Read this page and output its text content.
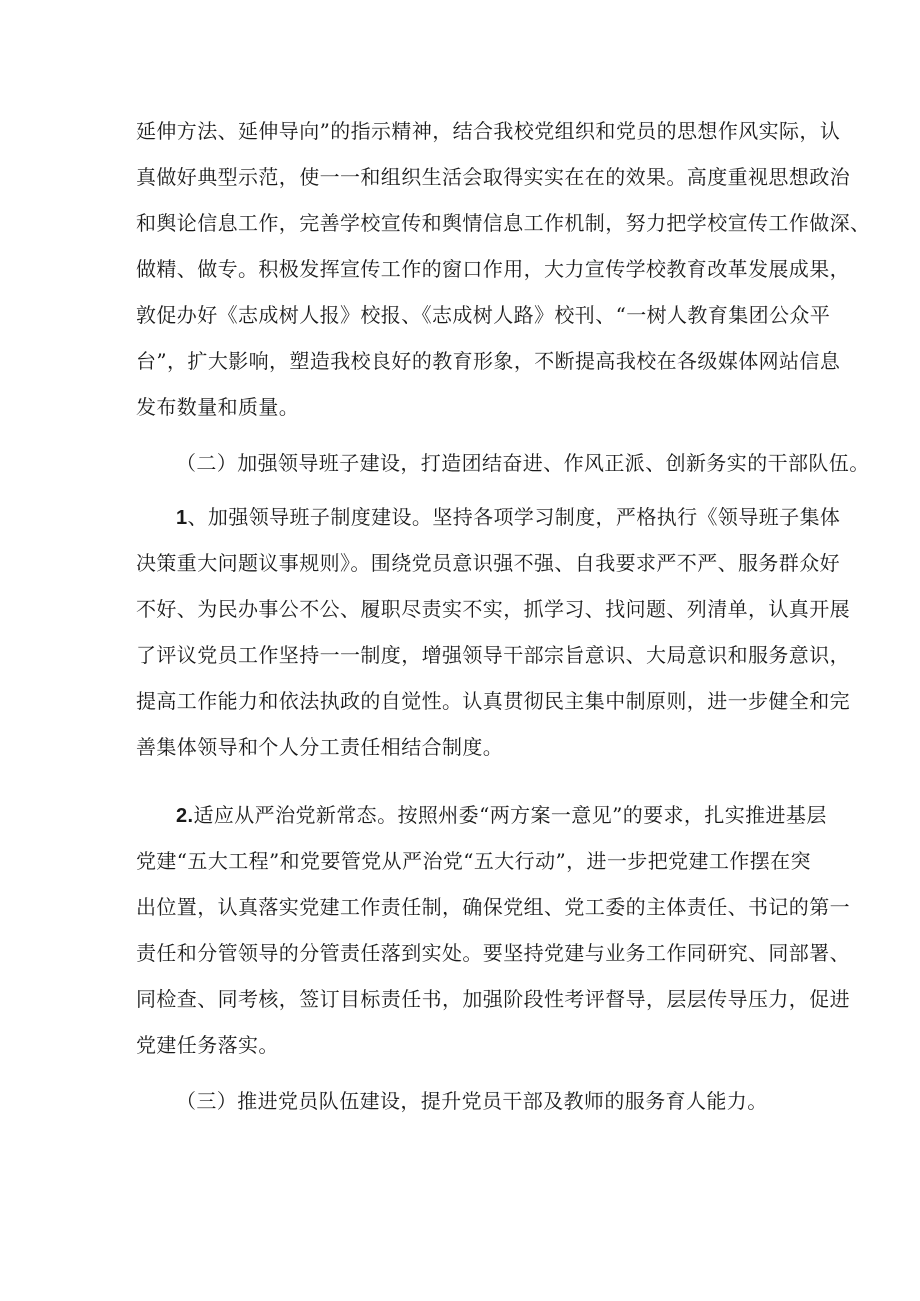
延伸方法、延伸导向”的指示精神，结合我校党组织和党员的思想作风实际，认
真做好典型示范，使一一和组织生活会取得实实在在的效果。高度重视思想政治
和舆论信息工作，完善学校宣传和舆情信息工作机制，努力把学校宣传工作做深、
做精、做专。积极发挥宣传工作的窗口作用，大力宣传学校教育改革发展成果，
敦促办好《志成树人报》校报、《志成树人路》校刊、“一树人教育集团公众平
台”，扩大影响，塑造我校良好的教育形象，不断提高我校在各级媒体网站信息
发布数量和质量。
（二）加强领导班子建设，打造团结奋进、作风正派、创新务实的干部队伍。
1、加强领导班子制度建设。坚持各项学习制度，严格执行《领导班子集体
决策重大问题议事规则》。围绕党员意识强不强、自我要求严不严、服务群众好
不好、为民办事公不公、履职尽责实不实，抓学习、找问题、列清单，认真开展
了评议党员工作坚持一一制度，增强领导干部宗旨意识、大局意识和服务意识，
提高工作能力和依法执政的自觉性。认真贯彻民主集中制原则，进一步健全和完
善集体领导和个人分工责任相结合制度。
2.适应从严治党新常态。按照州委“两方案一意见”的要求，扎实推进基层
党建“五大工程”和党要管党从严治党“五大行动”，进一步把党建工作摆在突
出位置，认真落实党建工作责任制，确保党组、党工委的主体责任、书记的第一
责任和分管领导的分管责任落到实处。要坚持党建与业务工作同研究、同部署、
同检查、同考核，签订目标责任书，加强阶段性考评督导，层层传导压力，促进
党建任务落实。
（三）推进党员队伍建设，提升党员干部及教师的服务育人能力。
